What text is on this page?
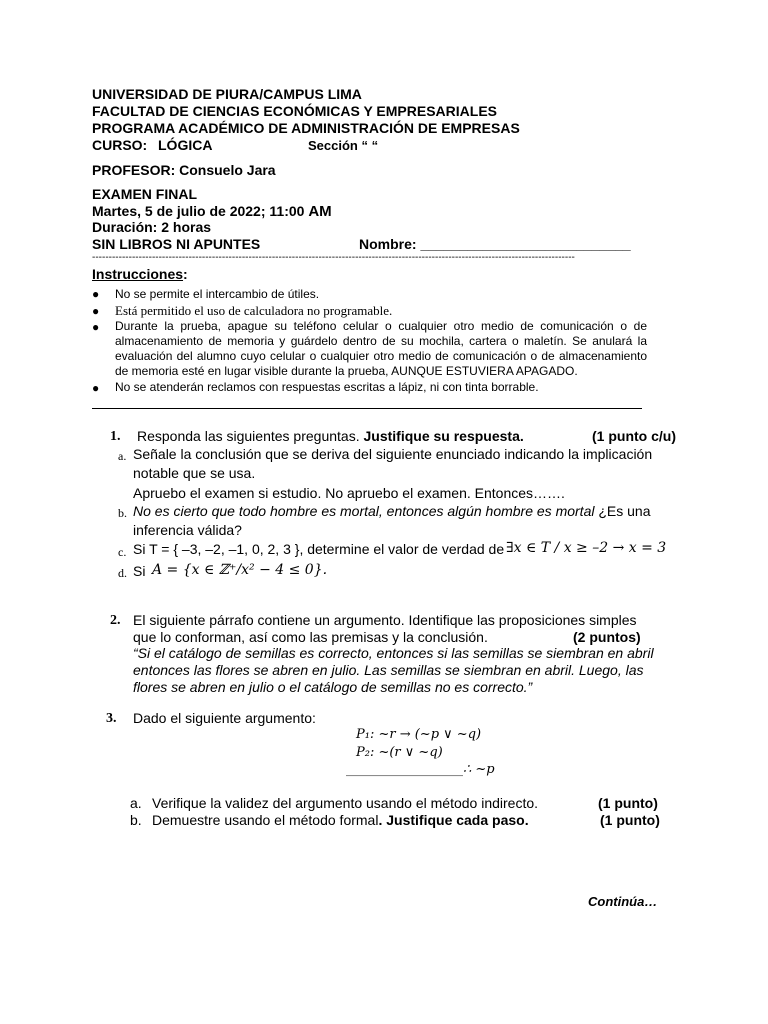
UNIVERSIDAD DE PIURA/CAMPUS LIMA
FACULTAD DE CIENCIAS ECONÓMICAS Y EMPRESARIALES
PROGRAMA ACADÉMICO DE ADMINISTRACIÓN DE EMPRESAS
CURSO: LÓGICA	Sección “ “
PROFESOR: Consuelo Jara
EXAMEN FINAL
Martes, 5 de julio de 2022; 11:00 AM
Duración: 2 horas
SIN LIBROS NI APUNTES	Nombre: ___________________________
-------------------------------------------------------------------------------------------------------------------------------------------------
Instrucciones:
● No se permite el intercambio de útiles.
● Está permitido el uso de calculadora no programable.
● Durante la prueba, apague su teléfono celular o cualquier otro medio de comunicación o de almacenamiento de memoria y guárdelo dentro de su mochila, cartera o maletín. Se anulará la evaluación del alumno cuyo celular o cualquier otro medio de comunicación o de almacenamiento de memoria esté en lugar visible durante la prueba, AUNQUE ESTUVIERA APAGADO.
● No se atenderán reclamos con respuestas escritas a lápiz, ni con tinta borrable.
1. Responda las siguientes preguntas. Justifique su respuesta.	(1 punto c/u)
a. Señale la conclusión que se deriva del siguiente enunciado indicando la implicación
notable que se usa.
Apruebo el examen si estudio. No apruebo el examen. Entonces…….
b. No es cierto que todo hombre es mortal, entonces algún hombre es mortal ¿Es una
inferencia válida?
c. Si T = { –3, –2, –1, 0, 2, 3 }, determine el valor de verdad de ∃x ∈ T / x ≥ –2 → x = 3
d. Si A = {x ∈ ℤ⁺/x² − 4 ≤ 0}.
2. El siguiente párrafo contiene un argumento. Identifique las proposiciones simples
que lo conforman, así como las premisas y la conclusión.	(2 puntos)
“Si el catálogo de semillas es correcto, entonces si las semillas se siembran en abril
entonces las flores se abren en julio. Las semillas se siembran en abril. Luego, las
flores se abren en julio o el catálogo de semillas no es correcto.”
3. Dado el siguiente argumento:
P₁: ~r → (~p ∨ ~q)
P₂: ~(r ∨ ~q)
__________________∴ ~p
a. Verifique la validez del argumento usando el método indirecto.	(1 punto)
b. Demuestre usando el método formal. Justifique cada paso.	(1 punto)
Continúa…
